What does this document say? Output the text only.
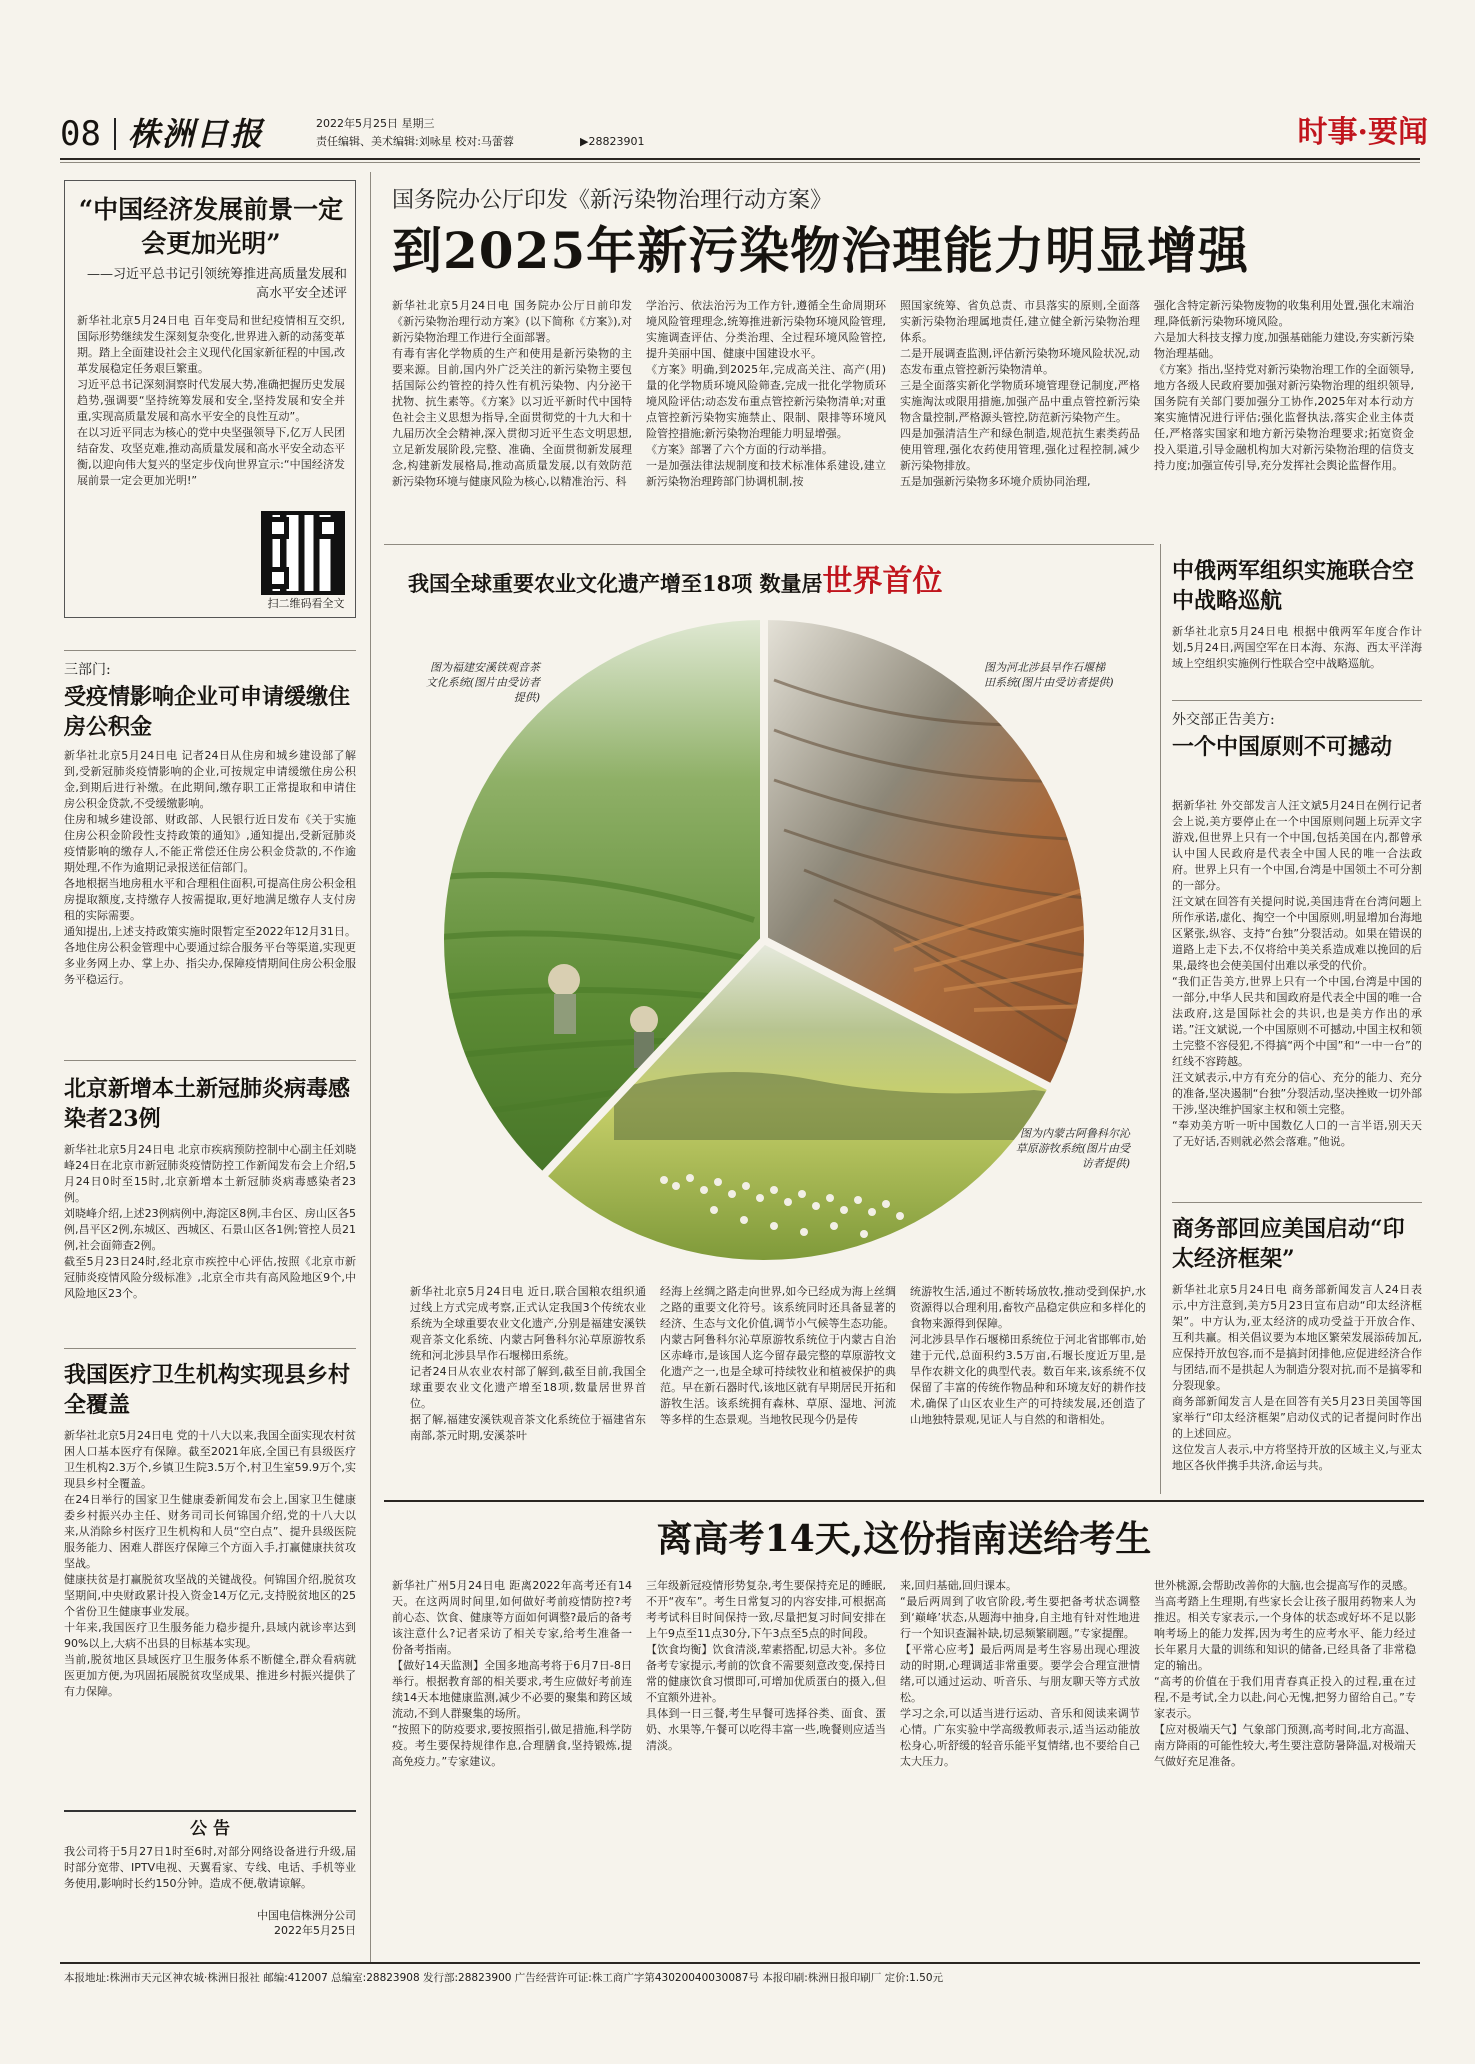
08 株洲日报	2022年5月25日 星期三
责任编辑、美术编辑:刘咏星 校对:马蕾蓉	▶28823901	时事·要闻
“中国经济发展前景一定会更加光明”
——习近平总书记引领统筹推进高质量发展和高水平安全述评
新华社北京5月24日电 百年变局和世纪疫情相互交织,国际形势继续发生深刻复杂变化,世界进入新的动荡变革期。踏上全面建设社会主义现代化国家新征程的中国,改革发展稳定任务艰巨繁重。
习近平总书记深刻洞察时代发展大势,准确把握历史发展趋势,强调要“坚持统筹发展和安全,坚持发展和安全并重,实现高质量发展和高水平安全的良性互动”。
在以习近平同志为核心的党中央坚强领导下,亿万人民团结奋发、攻坚克难,推动高质量发展和高水平安全动态平衡,以迎向伟大复兴的坚定步伐向世界宣示:“中国经济发展前景一定会更加光明!”
扫二维码看全文
三部门:
受疫情影响企业可申请缓缴住房公积金
新华社北京5月24日电 记者24日从住房和城乡建设部了解到,受新冠肺炎疫情影响的企业,可按规定申请缓缴住房公积金,到期后进行补缴。在此期间,缴存职工正常提取和申请住房公积金贷款,不受缓缴影响。
住房和城乡建设部、财政部、人民银行近日发布《关于实施住房公积金阶段性支持政策的通知》,通知提出,受新冠肺炎疫情影响的缴存人,不能正常偿还住房公积金贷款的,不作逾期处理,不作为逾期记录报送征信部门。
各地根据当地房租水平和合理租住面积,可提高住房公积金租房提取额度,支持缴存人按需提取,更好地满足缴存人支付房租的实际需要。
通知提出,上述支持政策实施时限暂定至2022年12月31日。各地住房公积金管理中心要通过综合服务平台等渠道,实现更多业务网上办、掌上办、指尖办,保障疫情期间住房公积金服务平稳运行。
北京新增本土新冠肺炎病毒感染者23例
新华社北京5月24日电 北京市疾病预防控制中心副主任刘晓峰24日在北京市新冠肺炎疫情防控工作新闻发布会上介绍,5月24日0时至15时,北京新增本土新冠肺炎病毒感染者23例。
刘晓峰介绍,上述23例病例中,海淀区8例,丰台区、房山区各5例,昌平区2例,东城区、西城区、石景山区各1例;管控人员21例,社会面筛查2例。
截至5月23日24时,经北京市疾控中心评估,按照《北京市新冠肺炎疫情风险分级标准》,北京全市共有高风险地区9个,中风险地区23个。
我国医疗卫生机构实现县乡村全覆盖
新华社北京5月24日电 党的十八大以来,我国全面实现农村贫困人口基本医疗有保障。截至2021年底,全国已有县级医疗卫生机构2.3万个,乡镇卫生院3.5万个,村卫生室59.9万个,实现县乡村全覆盖。
在24日举行的国家卫生健康委新闻发布会上,国家卫生健康委乡村振兴办主任、财务司司长何锦国介绍,党的十八大以来,从消除乡村医疗卫生机构和人员“空白点”、提升县级医院服务能力、困难人群医疗保障三个方面入手,打赢健康扶贫攻坚战。
健康扶贫是打赢脱贫攻坚战的关键战役。何锦国介绍,脱贫攻坚期间,中央财政累计投入资金14万亿元,支持脱贫地区的25个省份卫生健康事业发展。
十年来,我国医疗卫生服务能力稳步提升,县域内就诊率达到90%以上,大病不出县的目标基本实现。
当前,脱贫地区县域医疗卫生服务体系不断健全,群众看病就医更加方便,为巩固拓展脱贫攻坚成果、推进乡村振兴提供了有力保障。
公 告
我公司将于5月27日1时至6时,对部分网络设备进行升级,届时部分宽带、IPTV电视、天翼看家、专线、电话、手机等业务使用,影响时长约150分钟。造成不便,敬请谅解。
中国电信株洲分公司
2022年5月25日
国务院办公厅印发《新污染物治理行动方案》
到2025年新污染物治理能力明显增强
新华社北京5月24日电 国务院办公厅日前印发《新污染物治理行动方案》(以下简称《方案》),对新污染物治理工作进行全面部署。
有毒有害化学物质的生产和使用是新污染物的主要来源。目前,国内外广泛关注的新污染物主要包括国际公约管控的持久性有机污染物、内分泌干扰物、抗生素等。《方案》以习近平新时代中国特色社会主义思想为指导,全面贯彻党的十九大和十九届历次全会精神,深入贯彻习近平生态文明思想,立足新发展阶段,完整、准确、全面贯彻新发展理念,构建新发展格局,推动高质量发展,以有效防范新污染物环境与健康风险为核心,以精准治污、科
学治污、依法治污为工作方针,遵循全生命周期环境风险管理理念,统筹推进新污染物环境风险管理,实施调查评估、分类治理、全过程环境风险管控,提升美丽中国、健康中国建设水平。
《方案》明确,到2025年,完成高关注、高产(用)量的化学物质环境风险筛查,完成一批化学物质环境风险评估;动态发布重点管控新污染物清单;对重点管控新污染物实施禁止、限制、限排等环境风险管控措施;新污染物治理能力明显增强。
《方案》部署了六个方面的行动举措。
一是加强法律法规制度和技术标准体系建设,建立新污染物治理跨部门协调机制,按
照国家统筹、省负总责、市县落实的原则,全面落实新污染物治理属地责任,建立健全新污染物治理体系。
二是开展调查监测,评估新污染物环境风险状况,动态发布重点管控新污染物清单。
三是全面落实新化学物质环境管理登记制度,严格实施淘汰或限用措施,加强产品中重点管控新污染物含量控制,严格源头管控,防范新污染物产生。
四是加强清洁生产和绿色制造,规范抗生素类药品使用管理,强化农药使用管理,强化过程控制,减少新污染物排放。
五是加强新污染物多环境介质协同治理,
强化含特定新污染物废物的收集利用处置,强化末端治理,降低新污染物环境风险。
六是加大科技支撑力度,加强基础能力建设,夯实新污染物治理基础。
《方案》指出,坚持党对新污染物治理工作的全面领导,地方各级人民政府要加强对新污染物治理的组织领导,国务院有关部门要加强分工协作,2025年对本行动方案实施情况进行评估;强化监督执法,落实企业主体责任,严格落实国家和地方新污染物治理要求;拓宽资金投入渠道,引导金融机构加大对新污染物治理的信贷支持力度;加强宣传引导,充分发挥社会舆论监督作用。
我国全球重要农业文化遗产增至18项 数量居世界首位
图为福建安溪铁观音茶文化系统(图片由受访者提供)
图为河北涉县旱作石堰梯田系统(图片由受访者提供)
图为内蒙古阿鲁科尔沁草原游牧系统(图片由受访者提供)
新华社北京5月24日电 近日,联合国粮农组织通过线上方式完成考察,正式认定我国3个传统农业系统为全球重要农业文化遗产,分别是福建安溪铁观音茶文化系统、内蒙古阿鲁科尔沁草原游牧系统和河北涉县旱作石堰梯田系统。
记者24日从农业农村部了解到,截至目前,我国全球重要农业文化遗产增至18项,数量居世界首位。
据了解,福建安溪铁观音茶文化系统位于福建省东南部,茶元时期,安溪茶叶
经海上丝绸之路走向世界,如今已经成为海上丝绸之路的重要文化符号。该系统同时还具备显著的经济、生态与文化价值,调节小气候等生态功能。
内蒙古阿鲁科尔沁草原游牧系统位于内蒙古自治区赤峰市,是该国人迄今留存最完整的草原游牧文化遗产之一,也是全球可持续牧业和植被保护的典范。早在新石器时代,该地区就有早期居民开拓和游牧生活。该系统拥有森林、草原、湿地、河流等多样的生态景观。当地牧民现今仍是传
统游牧生活,通过不断转场放牧,推动受到保护,水资源得以合理利用,畜牧产品稳定供应和多样化的食物来源得到保障。
河北涉县旱作石堰梯田系统位于河北省邯郸市,始建于元代,总面积约3.5万亩,石堰长度近万里,是旱作农耕文化的典型代表。数百年来,该系统不仅保留了丰富的传统作物品种和环境友好的耕作技术,确保了山区农业生产的可持续发展,还创造了山地独特景观,见证人与自然的和谐相处。
中俄两军组织实施联合空中战略巡航
新华社北京5月24日电 根据中俄两军年度合作计划,5月24日,两国空军在日本海、东海、西太平洋海域上空组织实施例行性联合空中战略巡航。
外交部正告美方:
一个中国原则不可撼动
据新华社 外交部发言人汪文斌5月24日在例行记者会上说,美方要停止在一个中国原则问题上玩弄文字游戏,但世界上只有一个中国,包括美国在内,都曾承认中国人民政府是代表全中国人民的唯一合法政府。世界上只有一个中国,台湾是中国领土不可分割的一部分。
汪文斌在回答有关提问时说,美国违背在台湾问题上所作承诺,虚化、掏空一个中国原则,明显增加台海地区紧张,纵容、支持“台独”分裂活动。如果在错误的道路上走下去,不仅将给中美关系造成难以挽回的后果,最终也会使美国付出难以承受的代价。
“我们正告美方,世界上只有一个中国,台湾是中国的一部分,中华人民共和国政府是代表全中国的唯一合法政府,这是国际社会的共识,也是美方作出的承诺。”汪文斌说,一个中国原则不可撼动,中国主权和领土完整不容侵犯,不得搞“两个中国”和“一中一台”的红线不容跨越。
汪文斌表示,中方有充分的信心、充分的能力、充分的准备,坚决遏制“台独”分裂活动,坚决挫败一切外部干涉,坚决维护国家主权和领土完整。
“奉劝美方听一听中国数亿人口的一言半语,别天天了无好话,否则就必然会落难。”他说。
商务部回应美国启动“印太经济框架”
新华社北京5月24日电 商务部新闻发言人24日表示,中方注意到,美方5月23日宣布启动“印太经济框架”。中方认为,亚太经济的成功受益于开放合作、互利共赢。相关倡议要为本地区繁荣发展添砖加瓦,应保持开放包容,而不是搞封闭排他,应促进经济合作与团结,而不是拱起人为制造分裂对抗,而不是搞零和分裂现象。
商务部新闻发言人是在回答有关5月23日美国等国家举行“印太经济框架”启动仪式的记者提问时作出的上述回应。
这位发言人表示,中方将坚持开放的区域主义,与亚太地区各伙伴携手共济,命运与共。
离高考14天,这份指南送给考生
新华社广州5月24日电 距离2022年高考还有14天。在这两周时间里,如何做好考前疫情防控?考前心态、饮食、健康等方面如何调整?最后的备考该注意什么?记者采访了相关专家,给考生准备一份备考指南。
【做好14天监测】全国多地高考将于6月7日-8日举行。根据教育部的相关要求,考生应做好考前连续14天本地健康监测,减少不必要的聚集和跨区域流动,不到人群聚集的场所。
“按照下的防疫要求,要按照指引,做足措施,科学防疫。考生要保持规律作息,合理膳食,坚持锻炼,提高免疫力。”专家建议。
三年级新冠疫情形势复杂,考生要保持充足的睡眠,不开“夜车”。考生日常复习的内容安排,可根据高考考试科目时间保持一致,尽量把复习时间安排在上午9点至11点30分,下午3点至5点的时间段。
【饮食均衡】饮食清淡,荤素搭配,切忌大补。多位备考专家提示,考前的饮食不需要刻意改变,保持日常的健康饮食习惯即可,可增加优质蛋白的摄入,但不宜额外进补。
具体到一日三餐,考生早餐可选择谷类、面食、蛋奶、水果等,午餐可以吃得丰富一些,晚餐则应适当清淡。
来,回归基础,回归课本。
“最后两周到了收官阶段,考生要把备考状态调整到‘巅峰’状态,从题海中抽身,自主地有针对性地进行一个知识查漏补缺,切忌频繁刷题。”专家提醒。
【平常心应考】最后两周是考生容易出现心理波动的时期,心理调适非常重要。要学会合理宣泄情绪,可以通过运动、听音乐、与朋友聊天等方式放松。
学习之余,可以适当进行运动、音乐和阅读来调节心情。广东实验中学高级教师表示,适当运动能放松身心,听舒缓的轻音乐能平复情绪,也不要给自己太大压力。
世外桃源,会帮助改善你的大脑,也会提高写作的灵感。
当高考踏上生理期,有些家长会让孩子服用药物来人为推迟。相关专家表示,一个身体的状态或好坏不足以影响考场上的能力发挥,因为考生的应考水平、能力经过长年累月大量的训练和知识的储备,已经具备了非常稳定的输出。
“高考的价值在于我们用青春真正投入的过程,重在过程,不是考试,全力以赴,问心无愧,把努力留给自己。”专家表示。
【应对极端天气】气象部门预测,高考时间,北方高温、南方降雨的可能性较大,考生要注意防暑降温,对极端天气做好充足准备。
本报地址:株洲市天元区神农城·株洲日报社 邮编:412007 总编室:28823908 发行部:28823900 广告经营许可证:株工商广字第43020040030087号 本报印刷:株洲日报印刷厂 定价:1.50元
